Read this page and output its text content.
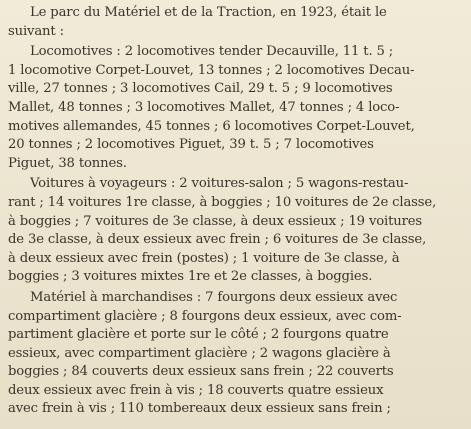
Le parc du Matériel et de la Traction, en 1923, était le
suivant :

Locomotives : 2 locomotives tender Decauville, 11 t. 5 ;
1 locomotive Corpet-Louvet, 13 tonnes ; 2 locomotives Decau-
ville, 27 tonnes ; 3 locomotives Cail, 29 t. 5 ; 9 locomotives
Mallet, 48 tonnes ; 3 locomotives Mallet, 47 tonnes ; 4 loco-
motives allemandes, 45 tonnes ; 6 locomotives Corpet-Louvet,
20 tonnes ; 2 locomotives Piguet, 39 t. 5 ; 7 locomotives
Piguet, 38 tonnes.

Voitures à voyageurs : 2 voitures-salon ; 5 wagons-restau-
rant ; 14 voitures 1re classe, à boggies ; 10 voitures de 2e classe,
à boggies ; 7 voitures de 3e classe, à deux essieux ; 19 voitures
de 3e classe, à deux essieux avec frein ; 6 voitures de 3e classe,
à deux essieux avec frein (postes) ; 1 voiture de 3e classe, à
boggies ; 3 voitures mixtes 1re et 2e classes, à boggies.

Matériel à marchandises : 7 fourgons deux essieux avec
compartiment glacière ; 8 fourgons deux essieux, avec com-
partiment glacière et porte sur le côté ; 2 fourgons quatre
essieux, avec compartiment glacière ; 2 wagons glacière à
boggies ; 84 couverts deux essieux sans frein ; 22 couverts
deux essieux avec frein à vis ; 18 couverts quatre essieux
avec frein à vis ; 110 tombereaux deux essieux sans frein ;
